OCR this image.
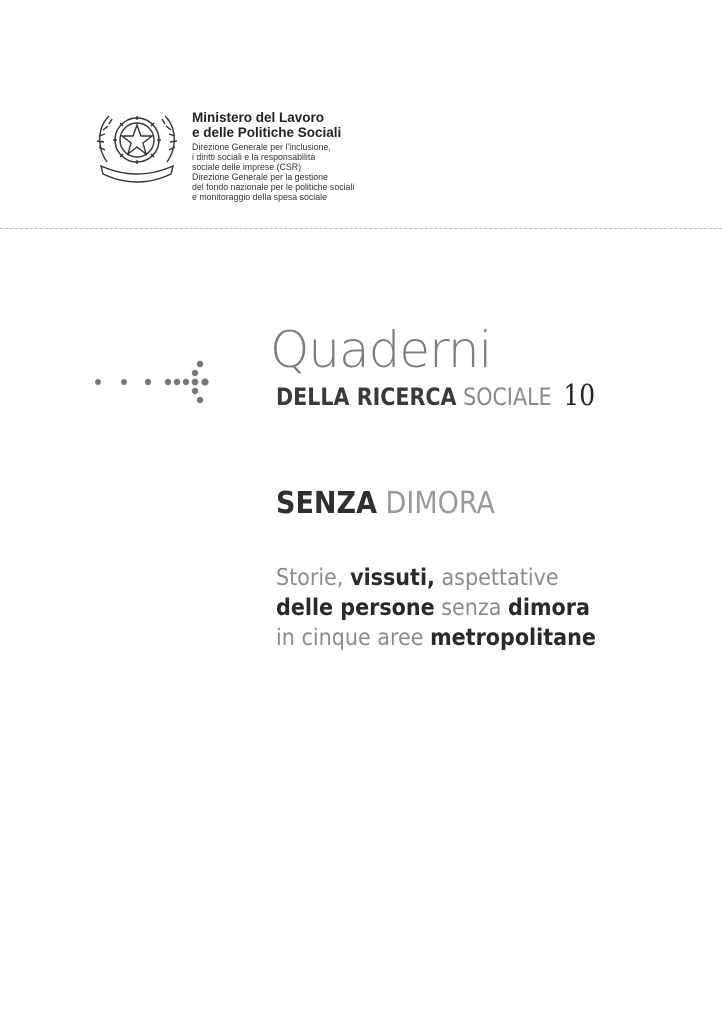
Ministero del Lavoro
e delle Politiche Sociali
Direzione Generale per l’inclusione,
i diritti sociali e la responsabilità
sociale delle imprese (CSR)
Direzione Generale per la gestione
del fondo nazionale per le politiche sociali
e monitoraggio della spesa sociale
Quaderni
DELLA RICERCA SOCIALE 10
SENZA DIMORA
Storie, vissuti, aspettative
delle persone senza dimora
in cinque aree metropolitane
